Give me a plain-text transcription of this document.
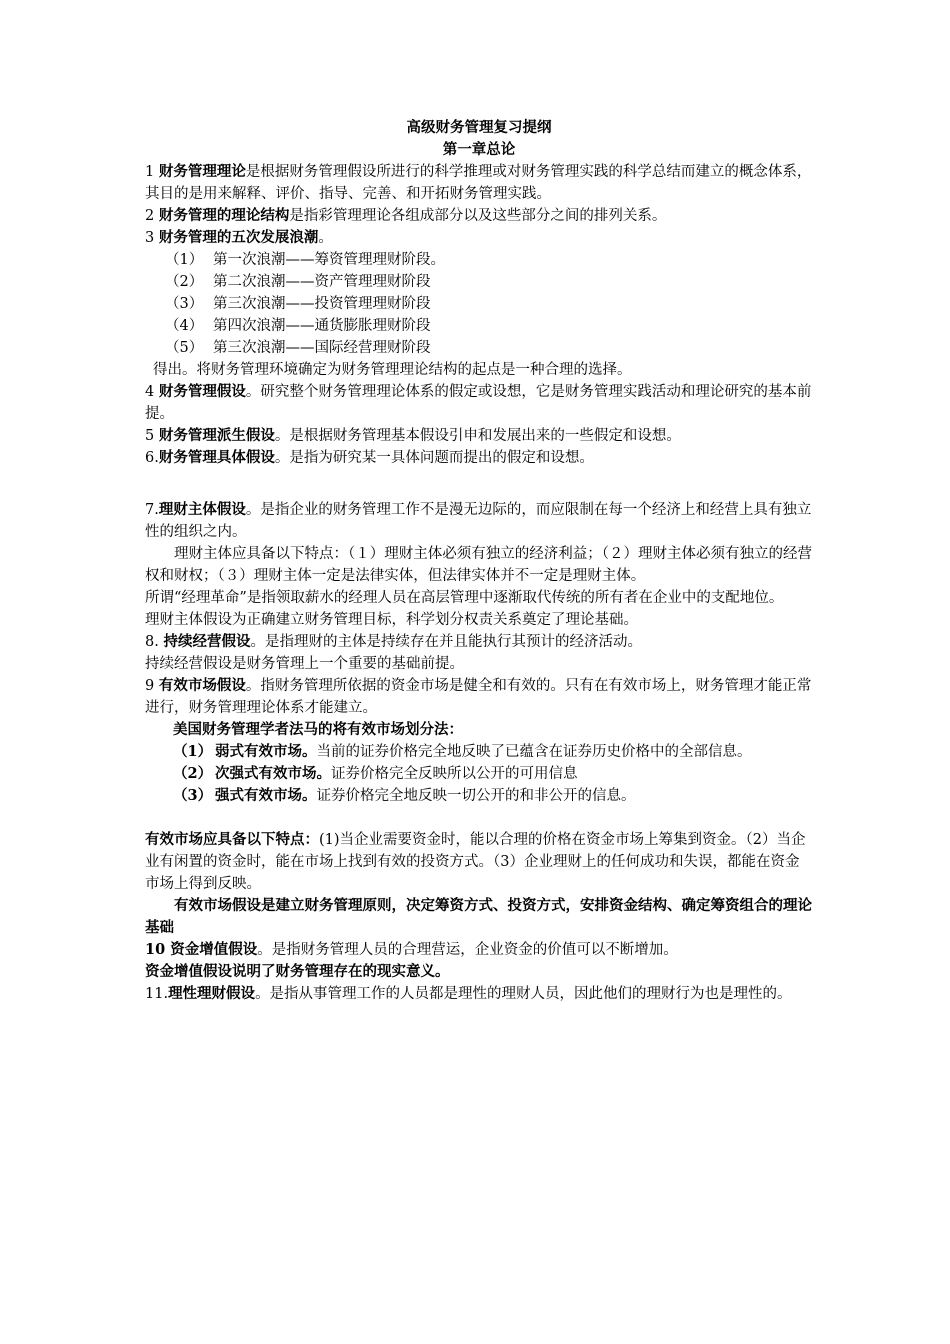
高级财务管理复习提纲

第一章总论

1 财务管理理论是根据财务管理假设所进行的科学推理或对财务管理实践的科学总结而建立的概念体系，其目的是用来解释、评价、指导、完善、和开拓财务管理实践。

2 财务管理的理论结构是指彩管理理论各组成部分以及这些部分之间的排列关系。

3 财务管理的五次发展浪潮。

（1） 第一次浪潮——筹资管理理财阶段。
（2） 第二次浪潮——资产管理理财阶段
（3） 第三次浪潮——投资管理理财阶段
（4） 第四次浪潮——通货膨胀理财阶段
（5） 第三次浪潮——国际经营理财阶段

得出。将财务管理环境确定为财务管理理论结构的起点是一种合理的选择。

4 财务管理假设。研究整个财务管理理论体系的假定或设想，它是财务管理实践活动和理论研究的基本前提。

5 财务管理派生假设。是根据财务管理基本假设引申和发展出来的一些假定和设想。

6.财务管理具体假设。是指为研究某一具体问题而提出的假定和设想。

7.理财主体假设。是指企业的财务管理工作不是漫无边际的，而应限制在每一个经济上和经营上具有独立性的组织之内。

理财主体应具备以下特点：（１）理财主体必须有独立的经济利益；（２）理财主体必须有独立的经营权和财权；（３）理财主体一定是法律实体，但法律实体并不一定是理财主体。

所谓“经理革命”是指领取薪水的经理人员在高层管理中逐渐取代传统的所有者在企业中的支配地位。

理财主体假设为正确建立财务管理目标，科学划分权责关系奠定了理论基础。

8. 持续经营假设。是指理财的主体是持续存在并且能执行其预计的经济活动。

持续经营假设是财务管理上一个重要的基础前提。

9 有效市场假设。指财务管理所依据的资金市场是健全和有效的。只有在有效市场上，财务管理才能正常进行，财务管理理论体系才能建立。

美国财务管理学者法马的将有效市场划分法：

（1） 弱式有效市场。当前的证券价格完全地反映了已蕴含在证券历史价格中的全部信息。
（2） 次强式有效市场。证券价格完全反映所以公开的可用信息
（3） 强式有效市场。证券价格完全地反映一切公开的和非公开的信息。

有效市场应具备以下特点：(1)当企业需要资金时，能以合理的价格在资金市场上筹集到资金。（2）当企业有闲置的资金时，能在市场上找到有效的投资方式。（3）企业理财上的任何成功和失误，都能在资金市场上得到反映。

有效市场假设是建立财务管理原则，决定筹资方式、投资方式，安排资金结构、确定筹资组合的理论基础

10 资金增值假设。是指财务管理人员的合理营运，企业资金的价值可以不断增加。

资金增值假设说明了财务管理存在的现实意义。

11.理性理财假设。是指从事管理工作的人员都是理性的理财人员，因此他们的理财行为也是理性的。
